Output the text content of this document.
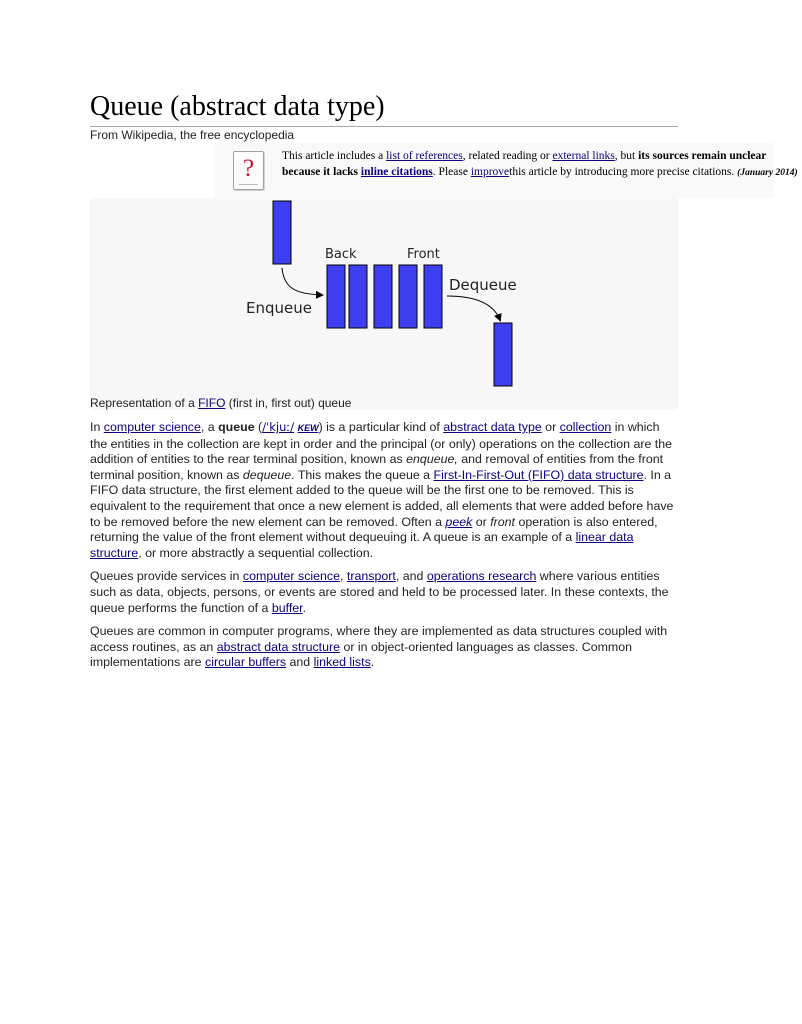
Queue (abstract data type)
From Wikipedia, the free encyclopedia
?	This article includes a list of references, related reading or external links, but its sources remain unclear because it lacks inline citations. Please improvethis article by introducing more precise citations. (January 2014)
Back	Front
Enqueue
Dequeue
Representation of a FIFO (first in, first out) queue

In computer science, a queue (/ˈkjuː/ KEW) is a particular kind of abstract data type or collection in which the entities in the collection are kept in order and the principal (or only) operations on the collection are the addition of entities to the rear terminal position, known as enqueue, and removal of entities from the front terminal position, known as dequeue. This makes the queue a First-In-First-Out (FIFO) data structure. In a FIFO data structure, the first element added to the queue will be the first one to be removed. This is equivalent to the requirement that once a new element is added, all elements that were added before have to be removed before the new element can be removed. Often a peek or front operation is also entered, returning the value of the front element without dequeuing it. A queue is an example of a linear data structure, or more abstractly a sequential collection.

Queues provide services in computer science, transport, and operations research where various entities such as data, objects, persons, or events are stored and held to be processed later. In these contexts, the queue performs the function of a buffer.

Queues are common in computer programs, where they are implemented as data structures coupled with access routines, as an abstract data structure or in object-oriented languages as classes. Common implementations are circular buffers and linked lists.
